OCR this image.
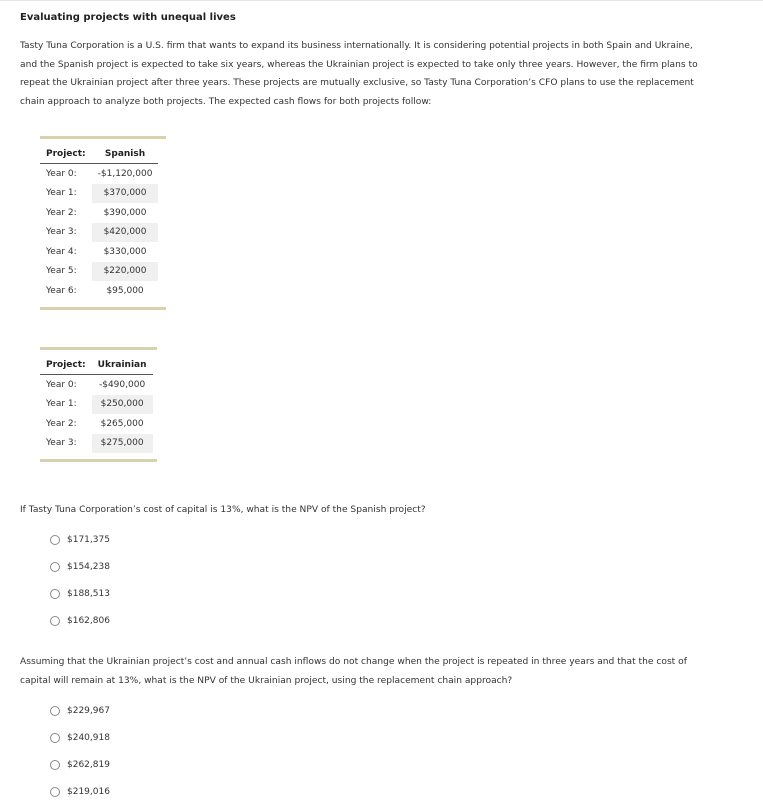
Evaluating projects with unequal lives
Tasty Tuna Corporation is a U.S. firm that wants to expand its business internationally. It is considering potential projects in both Spain and Ukraine, and the Spanish project is expected to take six years, whereas the Ukrainian project is expected to take only three years. However, the firm plans to repeat the Ukrainian project after three years. These projects are mutually exclusive, so Tasty Tuna Corporation’s CFO plans to use the replacement chain approach to analyze both projects. The expected cash flows for both projects follow:
Project:	Spanish
Year 0:	-$1,120,000
Year 1:	$370,000
Year 2:	$390,000
Year 3:	$420,000
Year 4:	$330,000
Year 5:	$220,000
Year 6:	$95,000
Project:	Ukrainian
Year 0:	-$490,000
Year 1:	$250,000
Year 2:	$265,000
Year 3:	$275,000
If Tasty Tuna Corporation’s cost of capital is 13%, what is the NPV of the Spanish project?
$171,375
$154,238
$188,513
$162,806
Assuming that the Ukrainian project’s cost and annual cash inflows do not change when the project is repeated in three years and that the cost of capital will remain at 13%, what is the NPV of the Ukrainian project, using the replacement chain approach?
$229,967
$240,918
$262,819
$219,016
